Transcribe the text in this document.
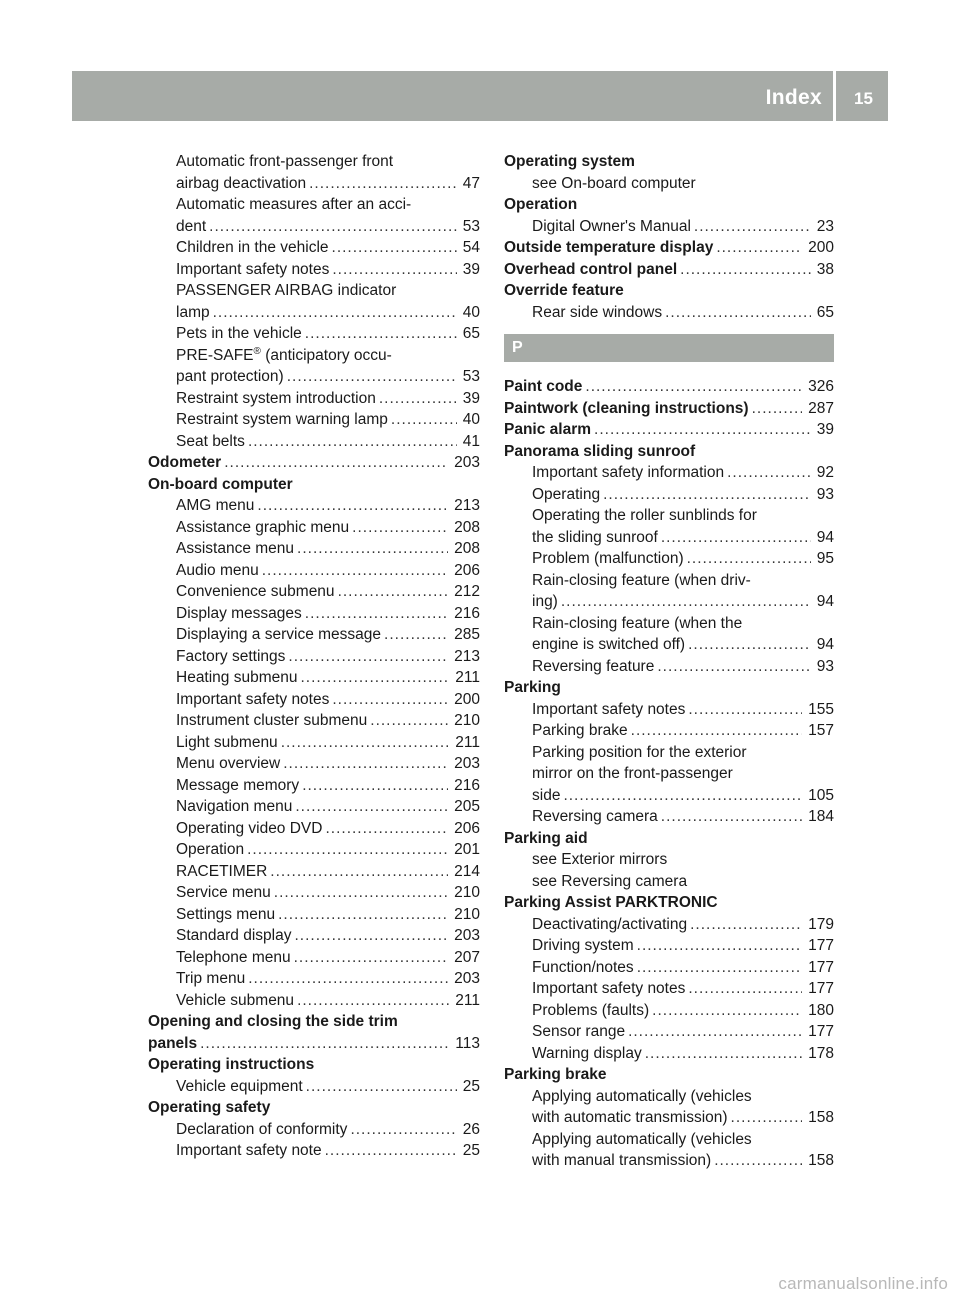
Index 15
Automatic front-passenger front
airbag deactivation .....	47
Automatic measures after an acci-
dent .....	53
Children in the vehicle .....	54
Important safety notes .....	39
PASSENGER AIRBAG indicator
lamp .....	40
Pets in the vehicle .....	65
PRE-SAFE® (anticipatory occu-
pant protection) .....	53
Restraint system introduction .....	39
Restraint system warning lamp .....	40
Seat belts .....	41
Odometer .....	203
On-board computer
AMG menu .....	213
Assistance graphic menu .....	208
Assistance menu .....	208
Audio menu .....	206
Convenience submenu .....	212
Display messages .....	216
Displaying a service message .....	285
Factory settings .....	213
Heating submenu .....	211
Important safety notes .....	200
Instrument cluster submenu .....	210
Light submenu .....	211
Menu overview .....	203
Message memory .....	216
Navigation menu .....	205
Operating video DVD .....	206
Operation .....	201
RACETIMER .....	214
Service menu .....	210
Settings menu .....	210
Standard display .....	203
Telephone menu .....	207
Trip menu .....	203
Vehicle submenu .....	211
Opening and closing the side trim
panels .....	113
Operating instructions
Vehicle equipment .....	25
Operating safety
Declaration of conformity .....	26
Important safety note .....	25
Operating system
see On-board computer
Operation
Digital Owner's Manual .....	23
Outside temperature display .....	200
Overhead control panel .....	38
Override feature
Rear side windows .....	65
P
Paint code .....	326
Paintwork (cleaning instructions) .....	287
Panic alarm .....	39
Panorama sliding sunroof
Important safety information .....	92
Operating .....	93
Operating the roller sunblinds for
the sliding sunroof .....	94
Problem (malfunction) .....	95
Rain-closing feature (when driv-
ing) .....	94
Rain-closing feature (when the
engine is switched off) .....	94
Reversing feature .....	93
Parking
Important safety notes .....	155
Parking brake .....	157
Parking position for the exterior
mirror on the front-passenger
side .....	105
Reversing camera .....	184
Parking aid
see Exterior mirrors
see Reversing camera
Parking Assist PARKTRONIC
Deactivating/activating .....	179
Driving system .....	177
Function/notes .....	177
Important safety notes .....	177
Problems (faults) .....	180
Sensor range .....	177
Warning display .....	178
Parking brake
Applying automatically (vehicles
with automatic transmission) .....	158
Applying automatically (vehicles
with manual transmission) .....	158
carmanualsonline.info
